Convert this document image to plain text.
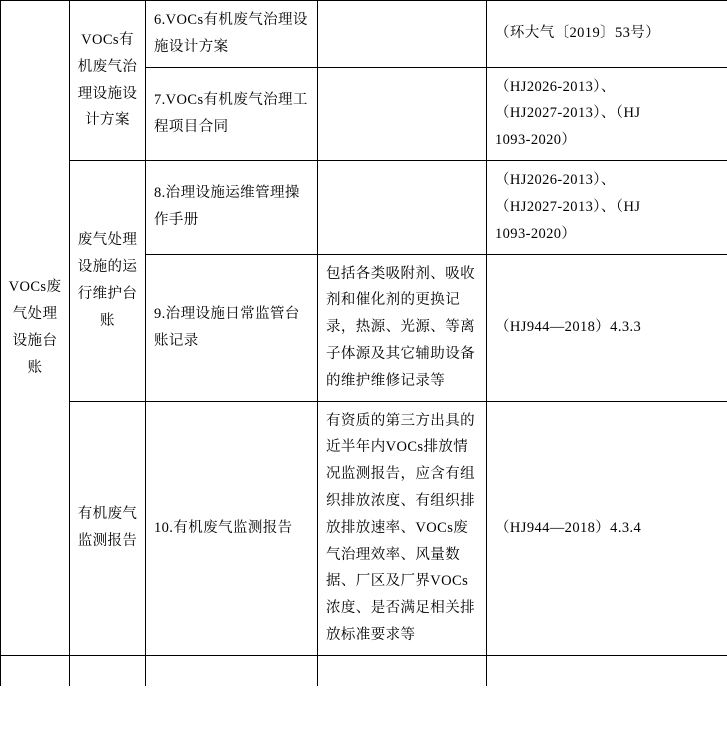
VOCs废气处理设施台账	VOCs有机废气治理设施设计方案	6.VOCs有机废气治理设施设计方案		（环大气〔2019〕53号）

		7.VOCs有机废气治理工程项目合同		（HJ2026-2013）、
（HJ2027-2013）、（HJ
1093-2020）

	废气处理设施的运行维护台账	8.治理设施运维管理操作手册		（HJ2026-2013）、
（HJ2027-2013）、（HJ
1093-2020）

		9.治理设施日常监管台账记录	包括各类吸附剂、吸收剂和催化剂的更换记录，热源、光源、等离子体源及其它辅助设备的维护维修记录等	（HJ944—2018）4.3.3

	有机废气监测报告	10.有机废气监测报告	有资质的第三方出具的近半年内VOCs排放情况监测报告，应含有组织排放浓度、有组织排放排放速率、VOCs废气治理效率、风量数据、厂区及厂界VOCs浓度、是否满足相关排放标准要求等	（HJ944—2018）4.3.4
